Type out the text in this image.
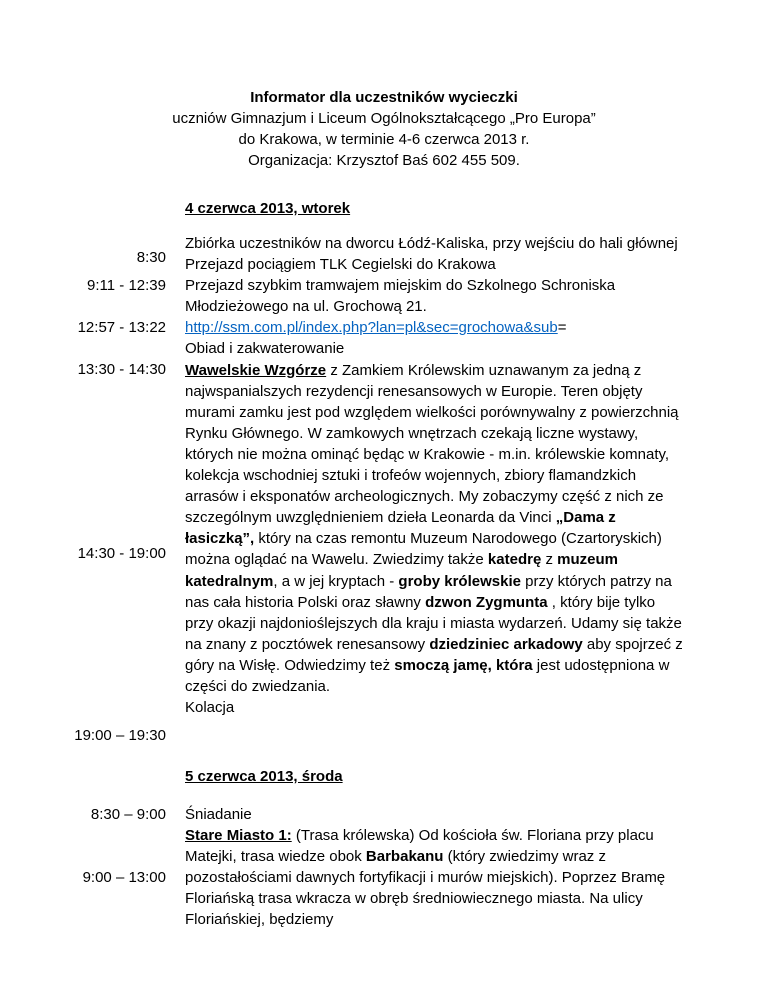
Informator dla uczestników wycieczki
uczniów Gimnazjum i Liceum Ogólnokształcącego „Pro Europa”
do Krakowa, w terminie 4-6 czerwca 2013 r.
Organizacja: Krzysztof Baś 602 455 509.
4 czerwca 2013, wtorek
8:30
9:11 - 12:39
12:57 - 13:22
13:30 - 14:30
14:30 - 19:00
19:00 – 19:30

Zbiórka uczestników na dworcu Łódź-Kaliska, przy wejściu do hali głównej

Przejazd pociągiem TLK Cegielski do Krakowa

Przejazd szybkim tramwajem miejskim do Szkolnego Schroniska Młodzieżowego na ul. Grochową 21.
http://ssm.com.pl/index.php?lan=pl&sec=grochowa&sub=

Obiad i zakwaterowanie

Wawelskie Wzgórze z Zamkiem Królewskim uznawanym za jedną z najwspanialszych rezydencji renesansowych w Europie. Teren objęty murami zamku jest pod względem wielkości porównywalny z powierzchnią Rynku Głównego. W zamkowych wnętrzach czekają liczne wystawy, których nie można ominąć będąc w Krakowie - m.in. królewskie komnaty, kolekcja wschodniej sztuki i trofeów wojennych, zbiory flamandzkich arrasów i eksponatów archeologicznych. My zobaczymy część z nich ze szczególnym uwzględnieniem dzieła Leonarda da Vinci „Dama z łasiczką”, który na czas remontu Muzeum Narodowego (Czartoryskich) można oglądać na Wawelu. Zwiedzimy także katedrę z muzeum katedralnym, a w jej kryptach - groby królewskie przy których patrzy na nas cała historia Polski oraz sławny dzwon Zygmunta , który bije tylko przy okazji najdonioślejszych dla kraju i miasta wydarzeń. Udamy się także na znany z pocztówek renesansowy dziedziniec arkadowy aby spojrzeć z góry na Wisłę. Odwiedzimy też smoczą jamę, która jest udostępniona w części do zwiedzania.

Kolacja

5 czerwca 2013, środa
8:30 – 9:00
9:00 – 13:00

Śniadanie

Stare Miasto 1: (Trasa królewska) Od kościoła św. Floriana przy placu Matejki, trasa wiedze obok Barbakanu (który zwiedzimy wraz z pozostałościami dawnych fortyfikacji i murów miejskich). Poprzez Bramę Floriańską trasa wkracza w obręb średniowiecznego miasta. Na ulicy Floriańskiej, będziemy
